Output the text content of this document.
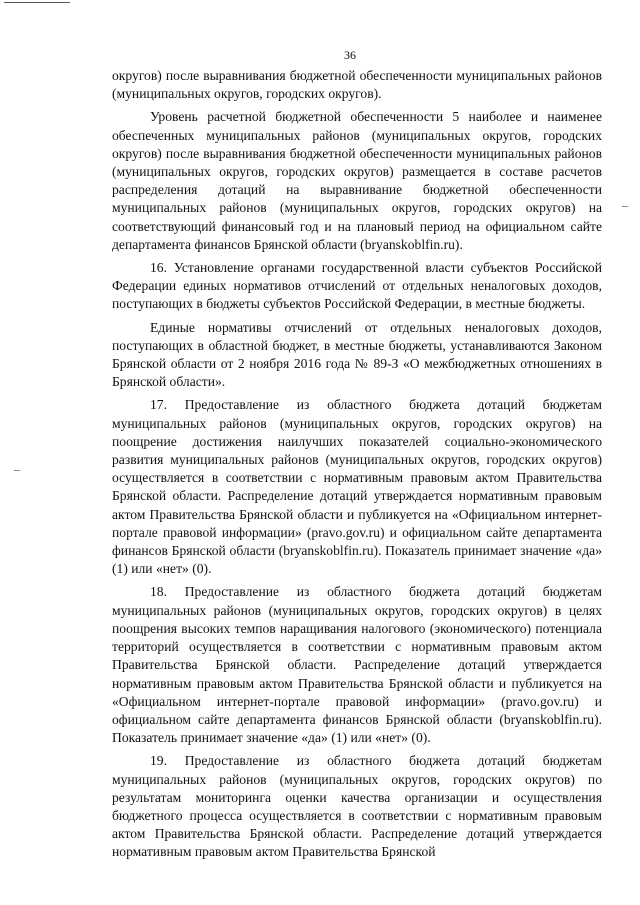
36

округов) после выравнивания бюджетной обеспеченности муниципальных районов (муниципальных округов, городских округов).

Уровень расчетной бюджетной обеспеченности 5 наиболее и наименее обеспеченных муниципальных районов (муниципальных округов, городских округов) после выравнивания бюджетной обеспеченности муниципальных районов (муниципальных округов, городских округов) размещается в составе расчетов распределения дотаций на выравнивание бюджетной обеспеченности муниципальных районов (муниципальных округов, городских округов) на соответствующий финансовый год и на плановый период на официальном сайте департамента финансов Брянской области (bryanskoblfin.ru).

16. Установление органами государственной власти субъектов Российской Федерации единых нормативов отчислений от отдельных неналоговых доходов, поступающих в бюджеты субъектов Российской Федерации, в местные бюджеты.

Единые нормативы отчислений от отдельных неналоговых доходов, поступающих в областной бюджет, в местные бюджеты, устанавливаются Законом Брянской области от 2 ноября 2016 года № 89-З «О межбюджетных отношениях в Брянской области».

17. Предоставление из областного бюджета дотаций бюджетам муниципальных районов (муниципальных округов, городских округов) на поощрение достижения наилучших показателей социально-экономического развития муниципальных районов (муниципальных округов, городских округов) осуществляется в соответствии с нормативным правовым актом Правительства Брянской области. Распределение дотаций утверждается нормативным правовым актом Правительства Брянской области и публикуется на «Официальном интернет-портале правовой информации» (pravo.gov.ru) и официальном сайте департамента финансов Брянской области (bryanskoblfin.ru). Показатель принимает значение «да» (1) или «нет» (0).

18. Предоставление из областного бюджета дотаций бюджетам муниципальных районов (муниципальных округов, городских округов) в целях поощрения высоких темпов наращивания налогового (экономического) потенциала территорий осуществляется в соответствии с нормативным правовым актом Правительства Брянской области. Распределение дотаций утверждается нормативным правовым актом Правительства Брянской области и публикуется на «Официальном интернет-портале правовой информации» (pravo.gov.ru) и официальном сайте департамента финансов Брянской области (bryanskoblfin.ru). Показатель принимает значение «да» (1) или «нет» (0).

19. Предоставление из областного бюджета дотаций бюджетам муниципальных районов (муниципальных округов, городских округов) по результатам мониторинга оценки качества организации и осуществления бюджетного процесса осуществляется в соответствии с нормативным правовым актом Правительства Брянской области. Распределение дотаций утверждается нормативным правовым актом Правительства Брянской
